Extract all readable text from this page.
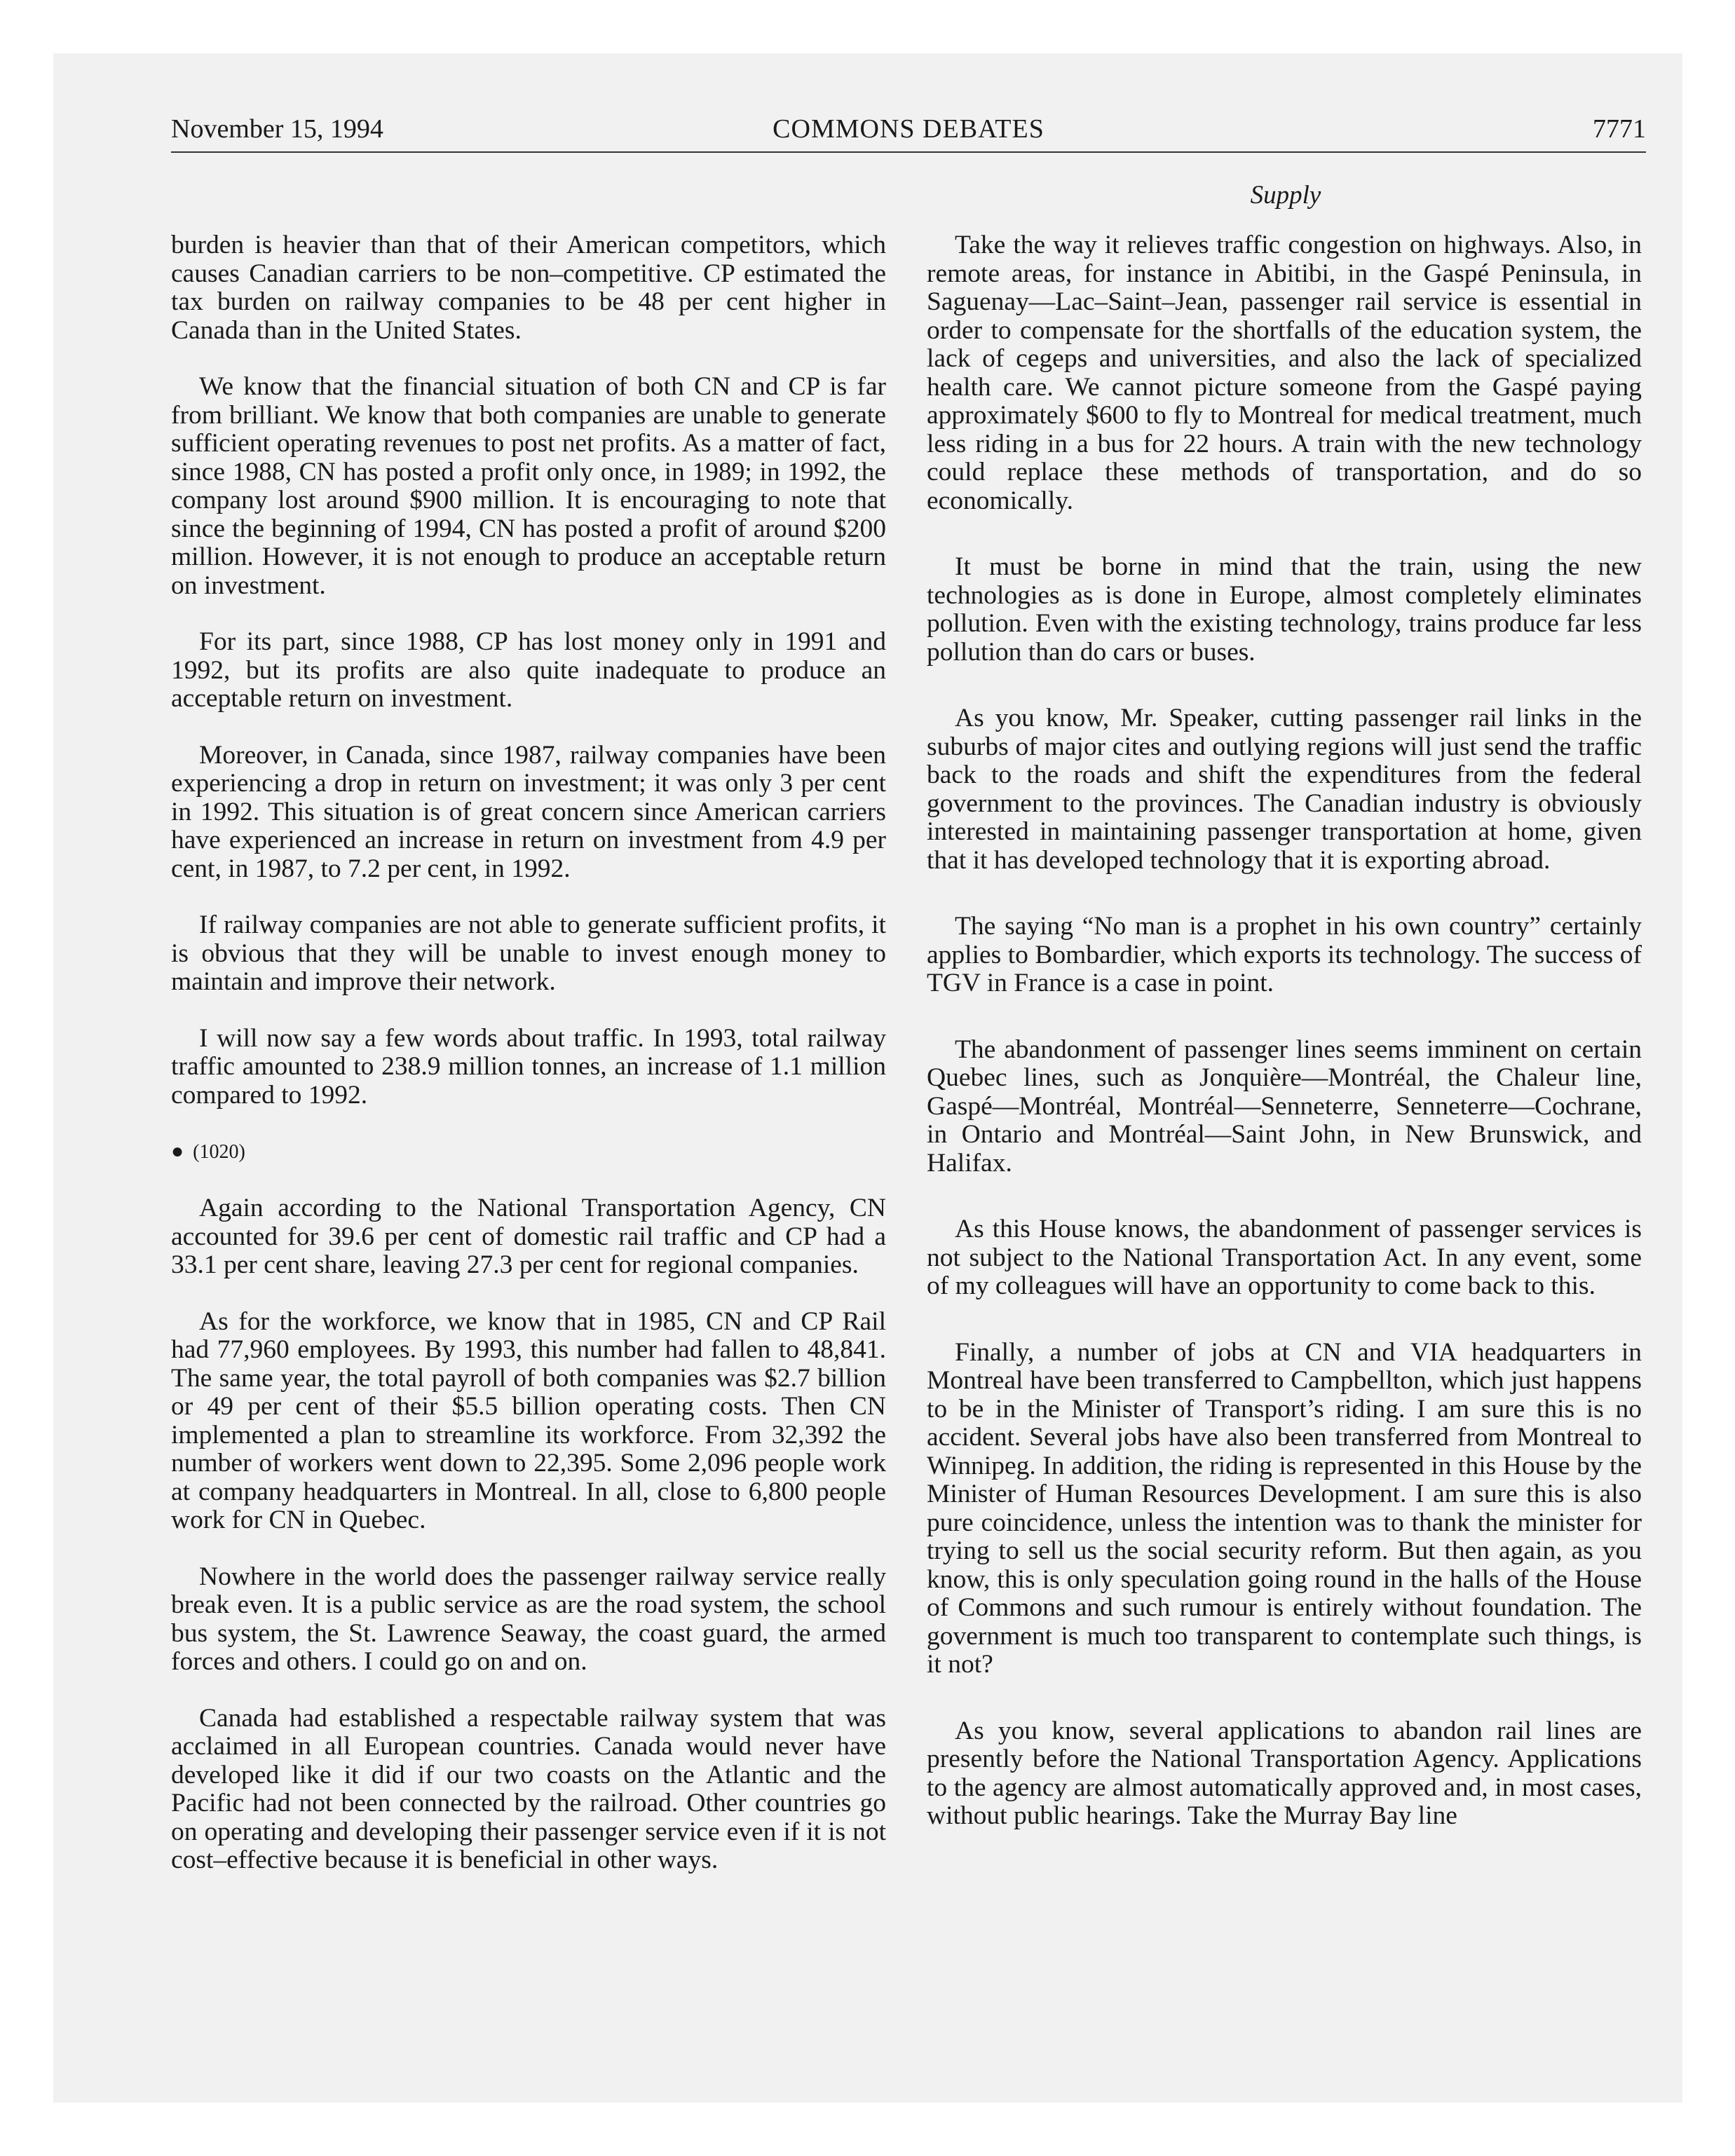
November 15, 1994	COMMONS DEBATES	7771
Supply

burden is heavier than that of their American competitors, which causes Canadian carriers to be non–competitive. CP estimated the tax burden on railway companies to be 48 per cent higher in Canada than in the United States.

We know that the financial situation of both CN and CP is far from brilliant. We know that both companies are unable to generate sufficient operating revenues to post net profits. As a matter of fact, since 1988, CN has posted a profit only once, in 1989; in 1992, the company lost around $900 million. It is encouraging to note that since the beginning of 1994, CN has posted a profit of around $200 million. However, it is not enough to produce an acceptable return on investment.

For its part, since 1988, CP has lost money only in 1991 and 1992, but its profits are also quite inadequate to produce an acceptable return on investment.

Moreover, in Canada, since 1987, railway companies have been experiencing a drop in return on investment; it was only 3 per cent in 1992. This situation is of great concern since American carriers have experienced an increase in return on investment from 4.9 per cent, in 1987, to 7.2 per cent, in 1992.

If railway companies are not able to generate sufficient profits, it is obvious that they will be unable to invest enough money to maintain and improve their network.

I will now say a few words about traffic. In 1993, total railway traffic amounted to 238.9 million tonnes, an increase of 1.1 million compared to 1992.

● (1020)

Again according to the National Transportation Agency, CN accounted for 39.6 per cent of domestic rail traffic and CP had a 33.1 per cent share, leaving 27.3 per cent for regional companies.

As for the workforce, we know that in 1985, CN and CP Rail had 77,960 employees. By 1993, this number had fallen to 48,841. The same year, the total payroll of both companies was $2.7 billion or 49 per cent of their $5.5 billion operating costs. Then CN implemented a plan to streamline its workforce. From 32,392 the number of workers went down to 22,395. Some 2,096 people work at company headquarters in Montreal. In all, close to 6,800 people work for CN in Quebec.

Nowhere in the world does the passenger railway service really break even. It is a public service as are the road system, the school bus system, the St. Lawrence Seaway, the coast guard, the armed forces and others. I could go on and on.

Canada had established a respectable railway system that was acclaimed in all European countries. Canada would never have developed like it did if our two coasts on the Atlantic and the Pacific had not been connected by the railroad. Other countries go on operating and developing their passenger service even if it is not cost–effective because it is beneficial in other ways.

Take the way it relieves traffic congestion on highways. Also, in remote areas, for instance in Abitibi, in the Gaspé Peninsula, in Saguenay—Lac–Saint–Jean, passenger rail service is essential in order to compensate for the shortfalls of the education system, the lack of cegeps and universities, and also the lack of specialized health care. We cannot picture someone from the Gaspé paying approximately $600 to fly to Montreal for medical treatment, much less riding in a bus for 22 hours. A train with the new technology could replace these methods of transportation, and do so economically.

It must be borne in mind that the train, using the new technologies as is done in Europe, almost completely eliminates pollution. Even with the existing technology, trains produce far less pollution than do cars or buses.

As you know, Mr. Speaker, cutting passenger rail links in the suburbs of major cites and outlying regions will just send the traffic back to the roads and shift the expenditures from the federal government to the provinces. The Canadian industry is obviously interested in maintaining passenger transportation at home, given that it has developed technology that it is exporting abroad.

The saying “No man is a prophet in his own country” certainly applies to Bombardier, which exports its technology. The success of TGV in France is a case in point.

The abandonment of passenger lines seems imminent on certain Quebec lines, such as Jonquière—Montréal, the Chaleur line, Gaspé—Montréal, Montréal—Senneterre, Senneterre—Cochrane, in Ontario and Montréal—Saint John, in New Brunswick, and Halifax.

As this House knows, the abandonment of passenger services is not subject to the National Transportation Act. In any event, some of my colleagues will have an opportunity to come back to this.

Finally, a number of jobs at CN and VIA headquarters in Montreal have been transferred to Campbellton, which just happens to be in the Minister of Transport’s riding. I am sure this is no accident. Several jobs have also been transferred from Montreal to Winnipeg. In addition, the riding is represented in this House by the Minister of Human Resources Development. I am sure this is also pure coincidence, unless the intention was to thank the minister for trying to sell us the social security reform. But then again, as you know, this is only speculation going round in the halls of the House of Commons and such rumour is entirely without foundation. The government is much too transparent to contemplate such things, is it not?

As you know, several applications to abandon rail lines are presently before the National Transportation Agency. Applications to the agency are almost automatically approved and, in most cases, without public hearings. Take the Murray Bay line
